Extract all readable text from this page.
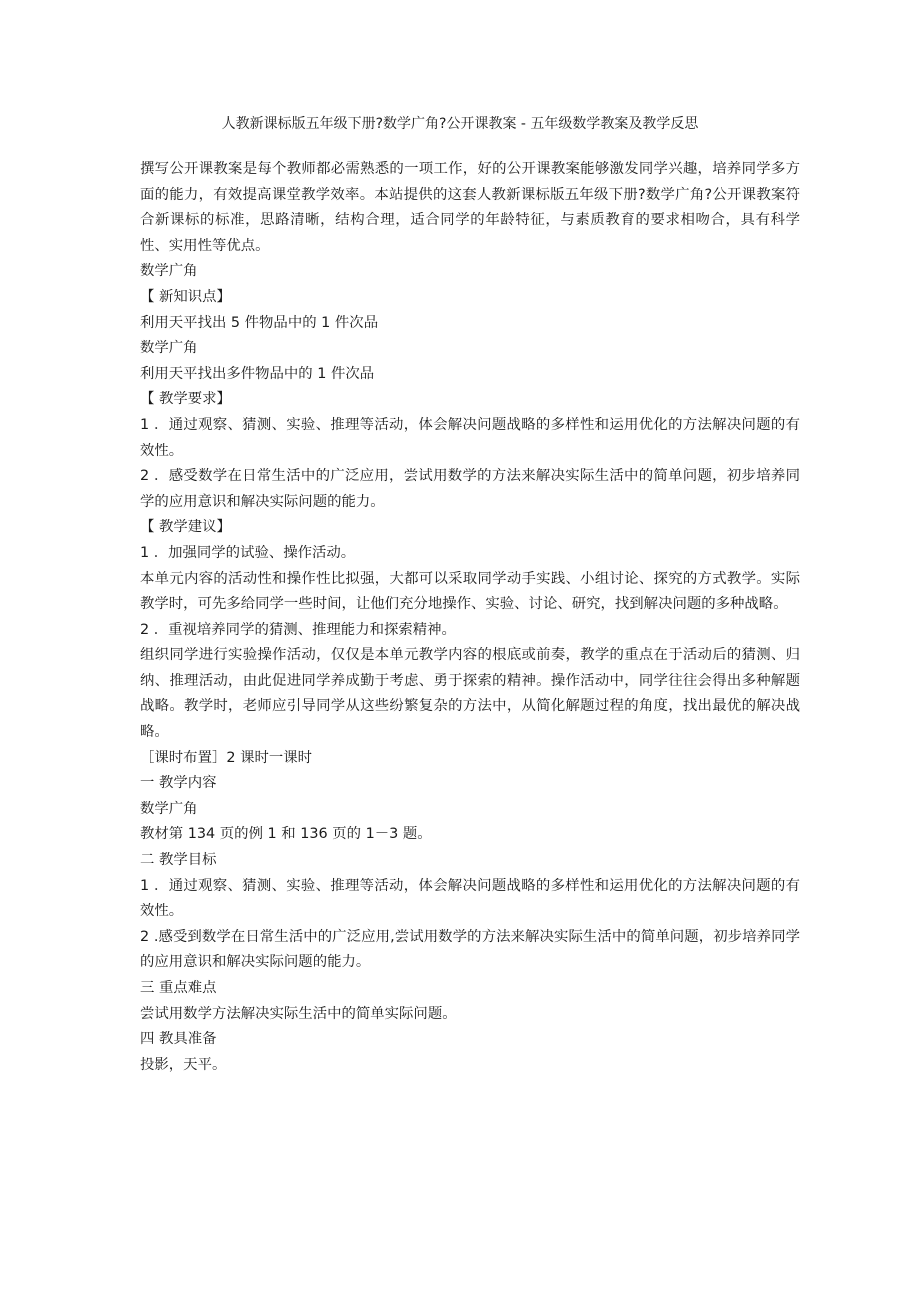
人教新课标版五年级下册?数学广角?公开课教案 - 五年级数学教案及教学反思

撰写公开课教案是每个教师都必需熟悉的一项工作，好的公开课教案能够激发同学兴趣，培养同学多方面的能力，有效提高课堂教学效率。本站提供的这套人教新课标版五年级下册?数学广角?公开课教案符合新课标的标准，思路清晰，结构合理，适合同学的年龄特征，与素质教育的要求相吻合，具有科学性、实用性等优点。

数学广角

【 新知识点】

利用天平找出 5 件物品中的 1 件次品

数学广角

利用天平找出多件物品中的 1 件次品

【 教学要求】

1 ．通过观察、猜测、实验、推理等活动，体会解决问题战略的多样性和运用优化的方法解决问题的有效性。

2 ．感受数学在日常生活中的广泛应用，尝试用数学的方法来解决实际生活中的简单问题，初步培养同学的应用意识和解决实际问题的能力。

【 教学建议】

1 ．加强同学的试验、操作活动。

本单元内容的活动性和操作性比拟强，大都可以采取同学动手实践、小组讨论、探究的方式教学。实际教学时，可先多给同学一些时间，让他们充分地操作、实验、讨论、研究，找到解决问题的多种战略。

2 ．重视培养同学的猜测、推理能力和探索精神。

组织同学进行实验操作活动，仅仅是本单元教学内容的根底或前奏，教学的重点在于活动后的猜测、归纳、推理活动，由此促进同学养成勤于考虑、勇于探索的精神。操作活动中，同学往往会得出多种解题战略。教学时，老师应引导同学从这些纷繁复杂的方法中，从简化解题过程的角度，找出最优的解决战略。

［课时布置］2 课时一课时

一 教学内容

数学广角

教材第 134 页的例 1 和 136 页的 1－3 题。

二 教学目标

1 ．通过观察、猜测、实验、推理等活动，体会解决问题战略的多样性和运用优化的方法解决问题的有效性。

2 .感受到数学在日常生活中的广泛应用,尝试用数学的方法来解决实际生活中的简单问题，初步培养同学的应用意识和解决实际问题的能力。

三 重点难点

尝试用数学方法解决实际生活中的简单实际问题。

四 教具准备

投影，天平。
